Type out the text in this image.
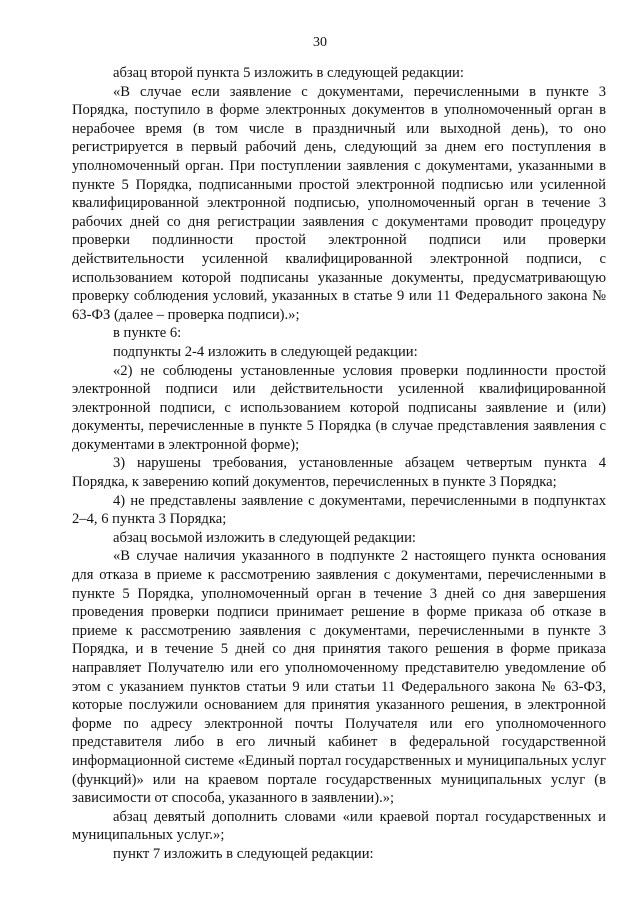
30

абзац второй пункта 5 изложить в следующей редакции:

«В случае если заявление с документами, перечисленными в пункте 3 Порядка, поступило в форме электронных документов в уполномоченный орган в нерабочее время (в том числе в праздничный или выходной день), то оно регистрируется в первый рабочий день, следующий за днем его поступления в уполномоченный орган. При поступлении заявления с документами, указанными в пункте 5 Порядка, подписанными простой электронной подписью или усиленной квалифицированной электронной подписью, уполномоченный орган в течение 3 рабочих дней со дня регистрации заявления с документами проводит процедуру проверки подлинности простой электронной подписи или проверки действительности усиленной квалифицированной электронной подписи, с использованием которой подписаны указанные документы, предусматривающую проверку соблюдения условий, указанных в статье 9 или 11 Федерального закона № 63-ФЗ (далее – проверка подписи).»;

в пункте 6:

подпункты 2-4 изложить в следующей редакции:

«2) не соблюдены установленные условия проверки подлинности простой электронной подписи или действительности усиленной квалифицированной электронной подписи, с использованием которой подписаны заявление и (или) документы, перечисленные в пункте 5 Порядка (в случае представления заявления с документами в электронной форме);

3) нарушены требования, установленные абзацем четвертым пункта 4 Порядка, к заверению копий документов, перечисленных в пункте 3 Порядка;

4) не представлены заявление с документами, перечисленными в подпунктах 2–4, 6 пункта 3 Порядка;

абзац восьмой изложить в следующей редакции:

«В случае наличия указанного в подпункте 2 настоящего пункта основания для отказа в приеме к рассмотрению заявления с документами, перечисленными в пункте 5 Порядка, уполномоченный орган в течение 3 дней со дня завершения проведения проверки подписи принимает решение в форме приказа об отказе в приеме к рассмотрению заявления с документами, перечисленными в пункте 3 Порядка, и в течение 5 дней со дня принятия такого решения в форме приказа направляет Получателю или его уполномоченному представителю уведомление об этом с указанием пунктов статьи 9 или статьи 11 Федерального закона № 63-ФЗ, которые послужили основанием для принятия указанного решения, в электронной форме по адресу электронной почты Получателя или его уполномоченного представителя либо в его личный кабинет в федеральной государственной информационной системе «Единый портал государственных и муниципальных услуг (функций)» или на краевом портале государственных муниципальных услуг (в зависимости от способа, указанного в заявлении).»;

абзац девятый дополнить словами «или краевой портал государственных и муниципальных услуг.»;

пункт 7 изложить в следующей редакции:
